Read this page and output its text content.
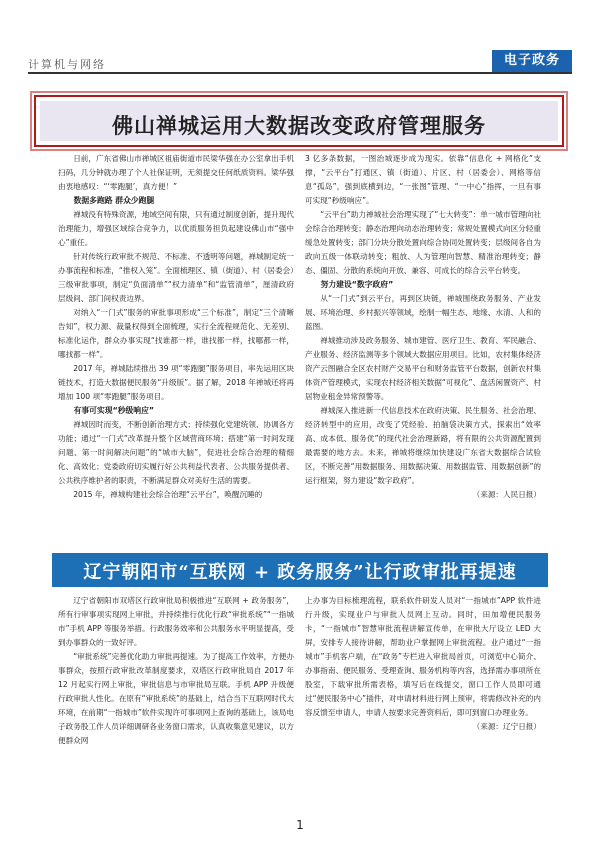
计算机与网络	电子政务
佛山禅城运用大数据改变政府管理服务

日前，广东省佛山市禅城区祖庙街道市民梁华强在办公室拿出手机扫码，几分钟就办理了个人社保证明，无须提交任何纸质资料。梁华强由衷地感叹：“‘零跑腿’，真方便！”

数据多跑路 群众少跑腿

禅城没有特殊资源，地域空间有限，只有通过制度创新，提升现代治理能力，增强区域综合竞争力，以优质服务担负起建设佛山市“强中心”重任。

针对传统行政审批不规范、不标准、不透明等问题，禅城制定统一办事流程和标准，“推权入笼”。全面梳理区、镇（街道）、村（居委会）三级审批事项，制定“负面清单”“权力清单”和“监管清单”，厘清政府层级间、部门间权责边界。

对纳入“一门式”服务的审批事项形成“三个标准”，制定“三个清晰告知”，权力源、裁量权得到全面梳理，实行全流程规范化、无差别、标准化运作，群众办事实现“找谁都一样，谁找都一样，找哪都一样，哪找都一样”。

2017 年，禅城陆续推出 39 项“零跑腿”服务项目，率先运用区块链技术，打造大数据便民服务“升级版”。据了解，2018 年禅城还将再增加 100 项“零跑腿”服务项目。

有事可实现“秒级响应”

禅城因时而变，不断创新治理方式；持续强化党建统领、协调各方功能；通过“一门式”改革提升整个区域营商环境；搭建“第一时间发现问题、第一时间解决问题”的“城市大脑”，促进社会综合治理的精细化、高效化；党委政府切实履行好公共利益代表者、公共服务提供者、公共秩序维护者的职责，不断满足群众对美好生活的需要。

2015 年，禅城构建社会综合治理“云平台”，唤醒沉睡的

3 亿多条数据，一图治城逐步成为现实。依靠“信息化 + 网格化”支撑，“云平台”打通区、镇（街道）、片区、村（居委会）、网格等信息“孤岛”，强到底横到边，“一张图”管理、“一中心”指挥，一旦有事可实现“秒级响应”。

“云平台”助力禅城社会治理实现了“七大转变”：单一城市管理向社会综合治理转变；静态治理向动态治理转变；常规处置模式向区分轻重缓急处置转变；部门分块分散处置向综合协同处置转变；层级间各自为政向五级一体联动转变；粗放、人为管理向智慧、精准治理转变；静态、僵固、分散的系统向开放、兼容、可成长的综合云平台转变。

努力建设“数字政府”

从“一门式”到云平台，再到区块链，禅城围绕政务服务、产业发展、环境治理、乡村振兴等领域，绘制一幅生态、地缘、水清、人和的蓝图。

禅城推动涉及政务服务、城市建管、医疗卫生、教育、军民融合、产业服务、经济监测等多个领域大数据应用项目。比如，农村集体经济资产云图融合全区农村财产交易平台和财务监管平台数据，创新农村集体资产管理模式，实现农村经济相关数据“可视化”、盘活闲置资产、村居物业租金异常预警等。

禅城深入推进新一代信息技术在政府决策、民生服务、社会治理、经济转型中的应用，改变了凭经验、拍脑袋决策方式，探索出“效率高、成本低、服务优”的现代社会治理新路，将有限的公共资源配置到最需要的地方去。未来，禅城将继续加快建设广东省大数据综合试验区，不断完善“用数据服务、用数据决策、用数据监管、用数据创新”的运行框架，努力建设“数字政府”。

（来源：人民日报）

辽宁朝阳市“互联网 + 政务服务”让行政审批再提速

辽宁省朝阳市双塔区行政审批局积极推进“互联网 + 政务服务”，所有行审事项实现网上审批，并持续推行优化行政“审批系统”“一指城市”手机 APP 等服务举措。行政服务效率和公共服务水平明显提高，受到办事群众的一致好评。

“审批系统”完善优化助力审批再提速。为了提高工作效率，方便办事群众，按照行政审批改革制度要求，双塔区行政审批局自 2017 年 12 月起实行网上审批，审批信息与市审批局互联。手机 APP 升级便行政审批人性化。在原有“审批系统”的基础上，结合当下互联网时代大环境，在前期“一指城市”软件实现许可事项网上查询的基础上，该局电子政务股工作人员详细调研各业务窗口需求，认真收集意见建议，以方便群众网

上办事为目标梳理流程，联系软件研发人员对“一指城市”APP 软件进行升级，实现业户与审批人员网上互动。同时，田加增便民服务卡，“一指城市”智慧审批流程讲解宣传单，在审批大厅设立 LED 大屏，安排专人接待讲解，帮助业户掌握网上审批流程。业户通过“一指城市”手机客户端，在“政务”专栏进入审批局首页，可浏览中心简介、办事指南、便民服务、受理查询、服务机构等内容，选择需办事项所在股室，下载审批所需表格，填写后在线提交，窗口工作人员即可通过“便民服务中心”插件，对申请材料进行网上预审，将需修改补充的内容反馈至申请人，申请人按要求完善资料后，即可到窗口办理业务。

（来源：辽宁日报）

1
